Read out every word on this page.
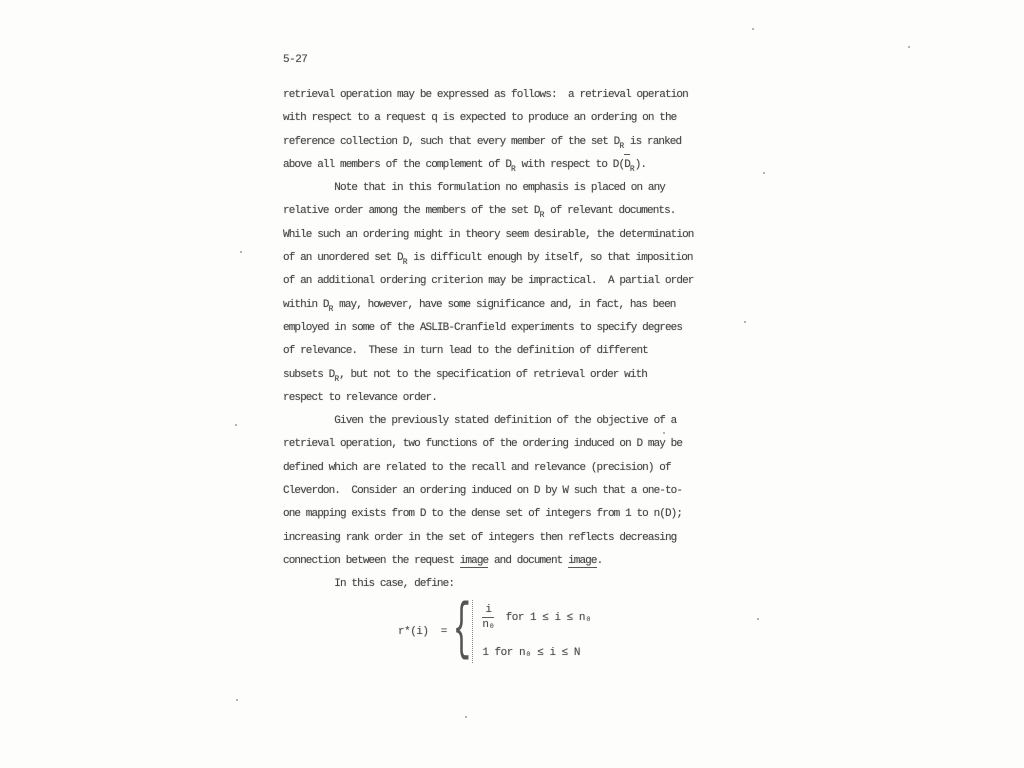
5-27
retrieval operation may be expressed as follows:  a retrieval operation
with respect to a request q is expected to produce an ordering on the
reference collection D, such that every member of the set $D_R$ is ranked
above all members of the complement of $D_R$ with respect to $D(D_R)$.
Note that in this formulation no emphasis is placed on any
relative order among the members of the set $D_R$ of relevant documents.
While such an ordering might in theory seem desirable, the determination
of an unordered set $D_R$ is difficult enough by itself, so that imposition
of an additional ordering criterion may be impractical.  A partial order
within $D_R$ may, however, have some significance and, in fact, has been
employed in some of the ASLIB-Cranfield experiments to specify degrees
of relevance.  These in turn lead to the definition of different
subsets $D_R$, but not to the specification of retrieval order with
respect to relevance order.
Given the previously stated definition of the objective of a
retrieval operation, two functions of the ordering induced on D may be
defined which are related to the recall and relevance (precision) of
Cleverdon.  Consider an ordering induced on D by W such that a one-to-
one mapping exists from D to the dense set of integers from 1 to n(D);
increasing rank order in the set of integers then reflects decreasing
connection between the request image and document image.
In this case, define:
r*(i)  = { $\frac{i}{\text{n₀}}$ for 1 ≤ i ≤ n₀
1 for n₀ ≤ i ≤ N
